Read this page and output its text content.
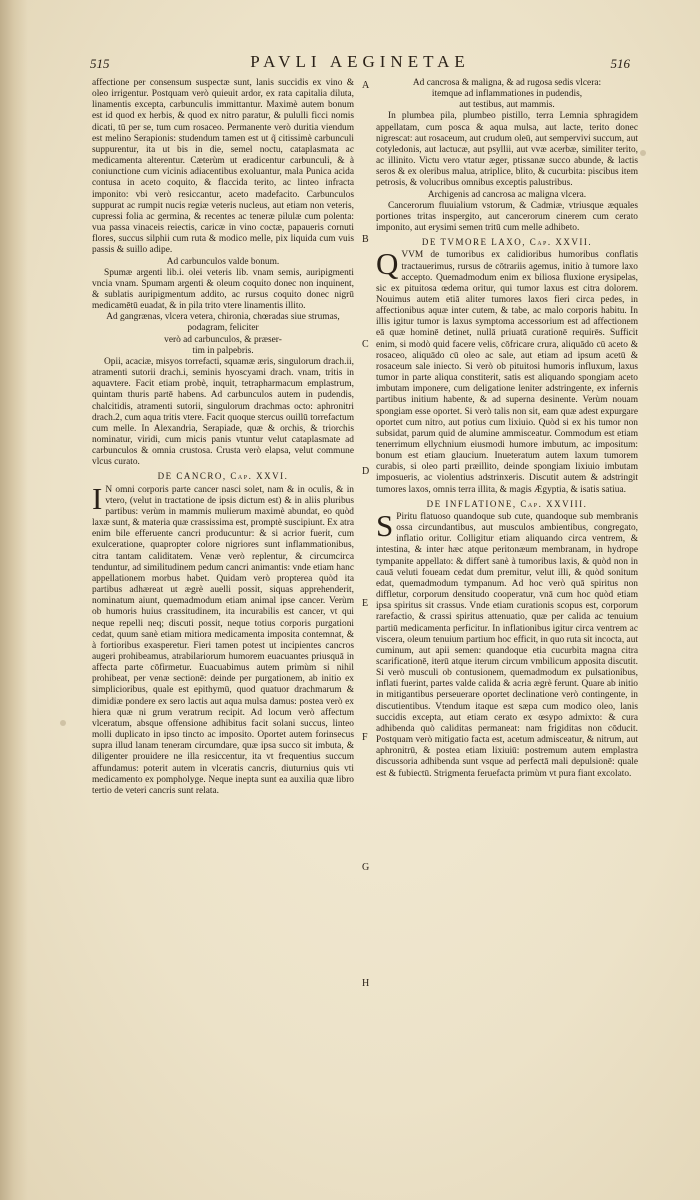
515	PAVLI AEGINETAE	516

affectione per consensum suspectæ sunt, lanis succidis ex vino & oleo irrigentur. Postquam verò quieuit ardor, ex rata capitalia diluta, linamentis excepta, carbunculis immittantur. Maximè autem bonum est id quod ex herbis, & quod ex nitro paratur, & pululli ficci nomis dicati, tū per se, tum cum rosaceo. Permanente verò duritia viendum est melino Serapionis: studendum tamen est ut q̃ citissimè carbunculi suppurentur, ita ut bis in die, semel noctu, cataplasmata ac medicamenta alterentur. Cæterùm ut eradicentur carbunculi, & à coniunctione cum vicinis adiacentibus exoluantur, mala Punica acida contusa in aceto coquito, & flaccida terito, ac linteo infracta imponito: vbi verò resiccantur, aceto madefacito. Carbunculos suppurat ac rumpit nucis regiæ veteris nucleus, aut etiam non veteris, cupressi folia ac germina, & recentes ac teneræ pilulæ cum polenta: vua passa vinaceis reiectis, caricæ in vino coctæ, papaueris cornuti flores, succus silphii cum ruta & modico melle, pix liquida cum vuis passis & suillo adipe.

Ad carbunculos valde bonum.

Spumæ argenti lib.i. olei veteris lib. vnam semis, auripigmenti vncia vnam. Spumam argenti & oleum coquito donec non inquinent, & sublatis auripigmentum addito, ac rursus coquito donec nigrū medicamētū euadat, & in pila trito vtere linamentis illito.

Ad gangrænas, vlcera vetera, chironia, chœradas siue strumas, podagram, feliciter

verò ad carbunculos, & præser-

tim in palpebris.

Opii, acaciæ, misyos torrefacti, squamæ æris, singulorum drach.ii, atramenti sutorii drach.i, seminis hyoscyami drach. vnam, tritis in aquavtere. Facit etiam probè, inquit, tetrapharmacum emplastrum, quintam thuris partē habens. Ad carbunculos autem in pudendis, chalcitidis, atramenti sutorii, singulorum drachmas octo: aphronitri drach.2, cum aqua tritis vtere. Facit quoque stercus ouillū torrefactum cum melle. In Alexandria, Serapiade, quæ & orchis, & triorchis nominatur, viridi, cum micis panis vtuntur velut cataplasmate ad carbunculos & omnia crustosa. Crusta verò elapsa, velut commune vlcus curato.

DE CANCRO, Cap. XXVI.

I N omni corporis parte cancer nasci solet, nam & in oculis, & in vtero, (velut in tractatione de ipsis dictum est) & in aliis pluribus partibus: verùm in mammis mulierum maximè abundat, eo quòd laxæ sunt, & materia quæ crassissima est, promptè suscipiunt. Ex atra enim bile efferuente cancri producuntur: & si acrior fuerit, cum exulceratione, quapropter colore nigriores sunt inflammationibus, citra tantam caliditatem. Venæ verò replentur, & circumcirca tenduntur, ad similitudinem pedum cancri animantis: vnde etiam hanc appellationem morbus habet. Quidam verò propterea quòd ita partibus adhæreat ut ægrè auelli possit, siquas apprehenderit, nominatum aiunt, quemadmodum etiam animal ipse cancer. Verùm ob humoris huius crassitudinem, ita incurabilis est cancer, vt qui neque repelli neq; discuti possit, neque totius corporis purgationi cedat, quum sanè etiam mitiora medicamenta imposita contemnat, & à fortioribus exasperetur. Fieri tamen potest ut incipientes cancros augeri prohibeamus, atrabilariorum humorem euacuantes priusquā in affecta parte cōfirmetur. Euacuabimus autem primùm si nihil prohibeat, per venæ sectionē: deinde per purgationem, ab initio ex simplicioribus, quale est epithymū, quod quatuor drachmarum & dimidiæ pondere ex sero lactis aut aqua mulsa damus: postea verò ex hiera quæ ni grum veratrum recipit. Ad locum verò affectum vlceratum, absque offensione adhibitus facit solani succus, linteo molli duplicato in ipso tincto ac imposito. Oportet autem forinsecus supra illud lanam teneram circumdare, quæ ipsa succo sit imbuta, & diligenter prouidere ne illa resiccentur, ita vt frequentius succum affundamus: poterit autem in vlceratis cancris, diuturnius quis vti medicamento ex pompholyge. Neque inepta sunt ea auxilia quæ libro tertio de veteri cancris sunt relata.

Ad cancrosa & maligna, & ad rugosa sedis vlcera:

itemque ad inflammationes in pudendis,

aut testibus, aut mammis.

In plumbea pila, plumbeo pistillo, terra Lemnia sphragidem appellatam, cum posca & aqua mulsa, aut lacte, terito donec nigrescat: aut rosaceum, aut crudum oleū, aut sempervivi succum, aut cotyledonis, aut lactucæ, aut psyllii, aut vvæ acerbæ, similiter terito, ac illinito. Victu vero vtatur æger, ptissanæ succo abunde, & lactis seros & ex oleribus malua, atriplice, blito, & cucurbita: piscibus item petrosis, & volucribus omnibus exceptis palustribus.

Archigenis ad cancrosa ac maligna vlcera.

Cancerorum fluuialium vstorum, & Cadmiæ, vtriusque æquales portiones tritas inspergito, aut cancerorum cinerem cum cerato imponito, aut erysimi semen tritū cum melle adhibeto.

DE TVMORE LAXO, Cap. XXVII.

QVVM de tumoribus ex calidioribus humoribus conflatis tractauerimus, rursus de cōtrariis agemus, initio à tumore laxo accepto. Quemadmodum enim ex biliosa fluxione erysipelas, sic ex pituitosa œdema oritur, qui tumor laxus est citra dolorem. Nouimus autem etiā aliter tumores laxos fieri circa pedes, in affectionibus aquæ inter cutem, & tabe, ac malo corporis habitu. In illis igitur tumor is laxus symptoma accessorium est ad affectionem eā quæ hominē detinet, nullā priuatā curationē requirēs. Sufficit enim, si modò quid facere velis, cōfricare crura, aliquādo cū aceto & rosaceo, aliquādo cū oleo ac sale, aut etiam ad ipsum acetū & rosaceum sale iniecto. Si verò ob pituitosi humoris influxum, laxus tumor in parte aliqua constiterit, satis est aliquando spongiam aceto imbutam imponere, cum deligatione leniter adstringente, ex infernis partibus initium habente, & ad superna desinente. Verùm nouam spongiam esse oportet. Si verò talis non sit, eam quæ adest expurgare oportet cum nitro, aut potius cum lixiuio. Quòd si ex his tumor non subsidat, parum quid de alumine ammisceatur. Commodum est etiam tenerrimum ellychnium eiusmodi humore imbutum, ac impositum: bonum est etiam glaucium. Inueteratum autem laxum tumorem curabis, si oleo parti præillito, deinde spongiam lixiuio imbutam imposueris, ac violentius adstrinxeris. Discutit autem & adstringit tumores laxos, omnis terra illita, & magis Ægyptia, & isatis satiua.

DE INFLATIONE, Cap. XXVIII.

S Piritu flatuoso quandoque sub cute, quandoque sub membranis ossa circundantibus, aut musculos ambientibus, congregato, inflatio oritur. Colligitur etiam aliquando circa ventrem, & intestina, & inter hæc atque peritonæum membranam, in hydrope tympanite appellato: & differt sanè à tumoribus laxis, & quòd non in cauā veluti foueam cedat dum premitur, velut illi, & quòd sonitum edat, quemadmodum tympanum. Ad hoc verò quā spiritus non diffletur, corporum densitudo cooperatur, vnā cum hoc quòd etiam ipsa spiritus sit crassus. Vnde etiam curationis scopus est, corporum rarefactio, & crassi spiritus attenuatio, quæ per calida ac tenuium partiū medicamenta perficitur. In inflationibus igitur circa ventrem ac viscera, oleum tenuium partium hoc efficit, in quo ruta sit incocta, aut cuminum, aut apii semen: quandoque etia cucurbita magna citra scarificationē, iterū atque iterum circum vmbilicum apposita discutit. Si verò musculi ob contusionem, quemadmodum ex pulsationibus, inflati fuerint, partes valde calida & acria ægrè ferunt. Quare ab initio in mitigantibus perseuerare oportet declinatione verò contingente, in discutientibus. Vtendum itaque est sæpa cum modico oleo, lanis succidis excepta, aut etiam cerato ex œsypo admixto: & cura adhibenda quò caliditas permaneat: nam frigiditas non cōducit. Postquam verò mitigatio facta est, acetum admisceatur, & nitrum, aut aphronitrū, & postea etiam lixiuiū: postremum autem emplastra discussoria adhibenda sunt vsque ad perfectā mali depulsionē: quale est & fubiectū. Strigmenta feruefacta primùm vt pura fiant excolato.

A
B
C
D
E
F
G
H
